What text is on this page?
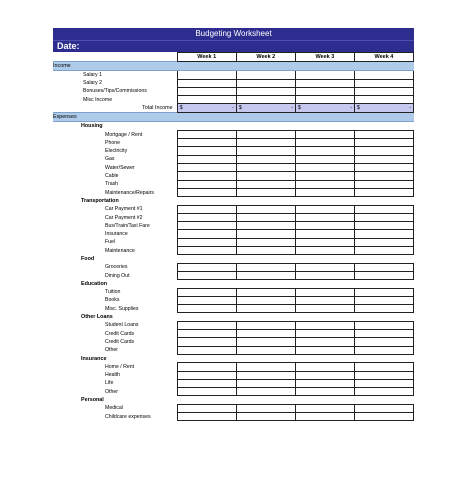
Budgeting Worksheet
Date:
	Week 1	Week 2	Week 3	Week 4
Income				
Salary 1				
Salary 2				
Bonuses/Tips/Commissions				
Misc Income				
Total Income	$ -	$ -	$ -	$ -

Expenses				
Housing				
Mortgage / Rent				
Phone				
Electricity				
Gas				
Water/Sewer				
Cable				
Trash				
Maintenance/Repairs				
Transportation				
Car Payment #1				
Car Payment #2				
Bus/Train/Taxi Fare				
Insurance				
Fuel				
Maintenance				
Food				
Groceries				
Dining Out				
Education				
Tuition				
Books				
Misc. Supplies				
Other Loans				
Student Loans				
Credit Cards				
Credit Cards				
Other				
Insurance				
Home / Rent				
Health				
Life				
Other				
Personal				
Medical				
Childcare expenses				
